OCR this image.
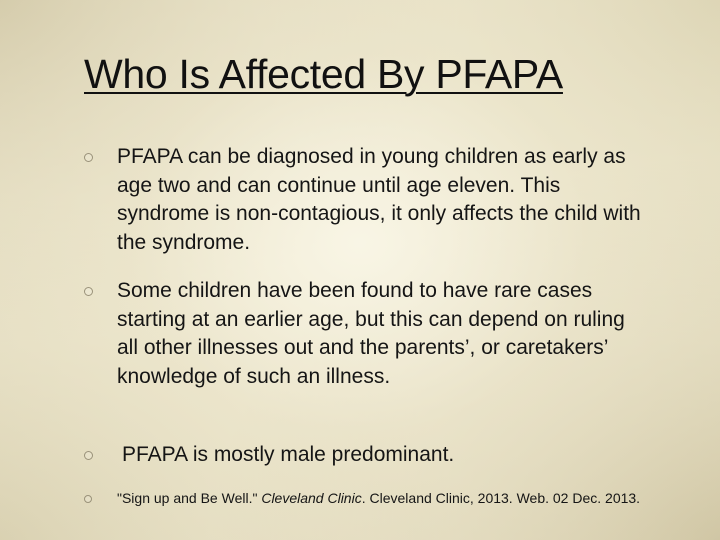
Who Is Affected By PFAPA
PFAPA can be diagnosed in young children as early as age two and can continue until age eleven. This syndrome is non-contagious, it only affects the child with the syndrome.
Some children have been found to have rare cases starting at an earlier age, but this can depend on ruling all other illnesses out and the parents’, or caretakers’ knowledge of such an illness.
PFAPA is mostly male predominant.
"Sign up and Be Well." Cleveland Clinic. Cleveland Clinic, 2013. Web. 02 Dec. 2013.
